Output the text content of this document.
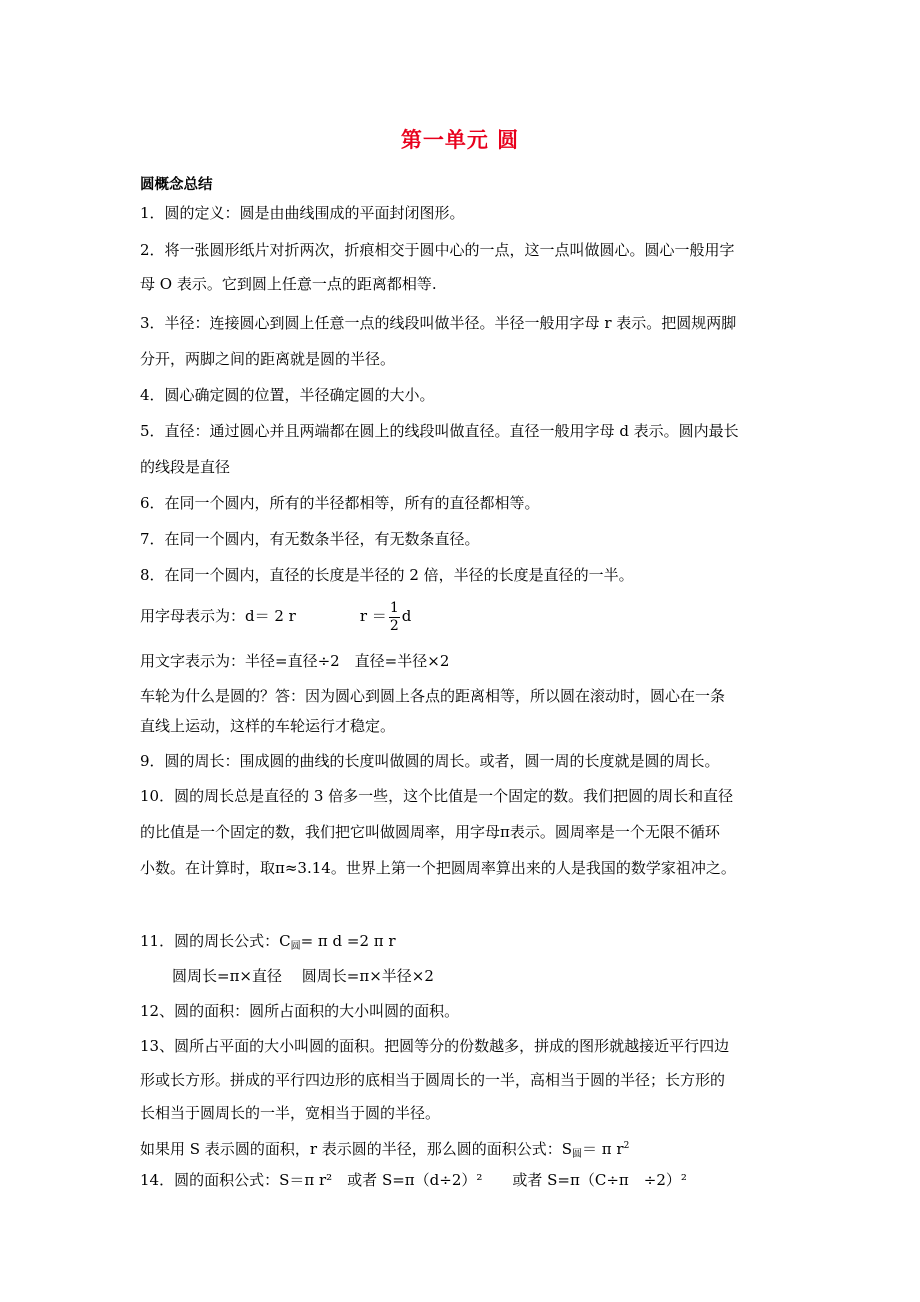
第一单元 圆
圆概念总结
1．圆的定义：圆是由曲线围成的平面封闭图形。
2．将一张圆形纸片对折两次，折痕相交于圆中心的一点，这一点叫做圆心。圆心一般用字
母 O 表示。它到圆上任意一点的距离都相等.
3．半径：连接圆心到圆上任意一点的线段叫做半径。半径一般用字母 r 表示。把圆规两脚
分开，两脚之间的距离就是圆的半径。
4．圆心确定圆的位置，半径确定圆的大小。
5．直径：通过圆心并且两端都在圆上的线段叫做直径。直径一般用字母 d 表示。圆内最长
的线段是直径
6．在同一个圆内，所有的半径都相等，所有的直径都相等。
7．在同一个圆内，有无数条半径，有无数条直径。
8．在同一个圆内，直径的长度是半径的 2 倍，半径的长度是直径的一半。
用字母表示为：d＝ 2 r	$r = \frac{1}{2}$ d
用文字表示为：半径=直径÷2　直径=半径×2
车轮为什么是圆的？答：因为圆心到圆上各点的距离相等，所以圆在滚动时，圆心在一条
直线上运动，这样的车轮运行才稳定。
9．圆的周长：围成圆的曲线的长度叫做圆的周长。或者，圆一周的长度就是圆的周长。
10．圆的周长总是直径的 3 倍多一些，这个比值是一个固定的数。我们把圆的周长和直径
的比值是一个固定的数，我们把它叫做圆周率，用字母π表示。圆周率是一个无限不循环
小数。在计算时，取π≈3.14。世界上第一个把圆周率算出来的人是我国的数学家祖冲之。
11．圆的周长公式：$C_圆= \pi$ d =2 π r
圆周长=π×直径　 圆周长=π×半径×2
12、圆的面积：圆所占面积的大小叫圆的面积。
13、圆所占平面的大小叫圆的面积。把圆等分的份数越多，拼成的图形就越接近平行四边
形或长方形。拼成的平行四边形的底相当于圆周长的一半，高相当于圆的半径；长方形的
长相当于圆周长的一半，宽相当于圆的半径。
如果用 S 表示圆的面积，r 表示圆的半径，那么圆的面积公式：$S_圆= \pi$ $r^2$
14．圆的面积公式：S＝π r²　或者 S=π（d÷2）²　　或者 S=π（C÷π　÷2）²
